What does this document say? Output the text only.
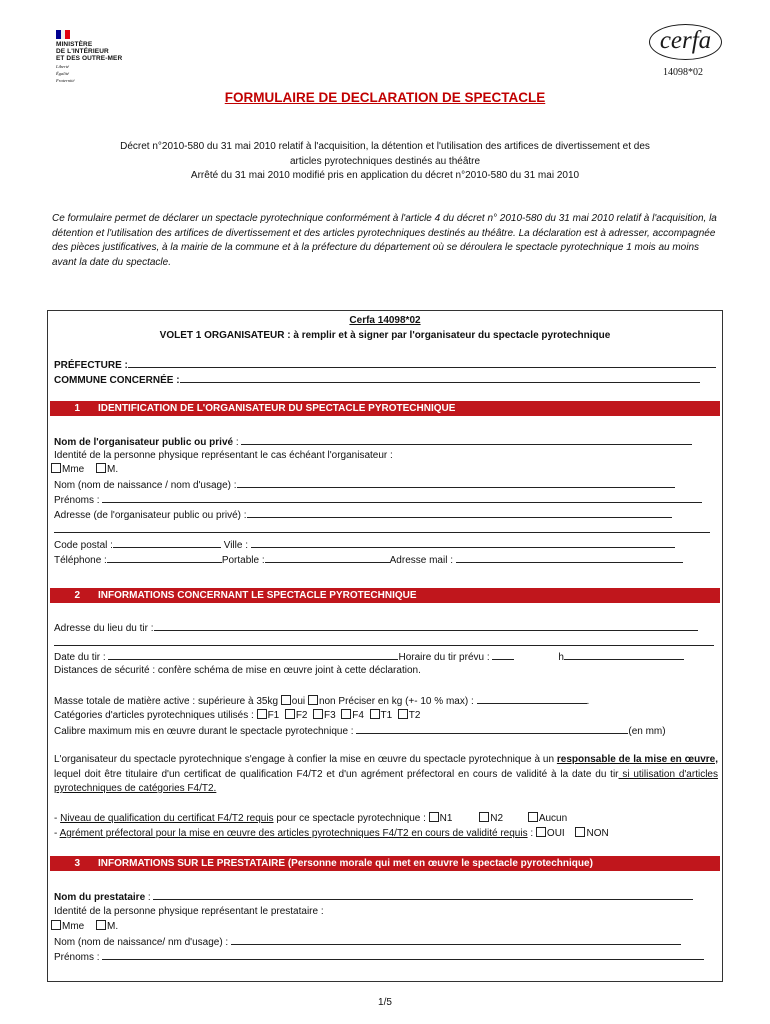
MINISTÈRE
DE L'INTÉRIEUR
ET DES OUTRE-MER
Liberté
Égalité
Fraternité
cerfa
14098*02
FORMULAIRE DE DECLARATION DE SPECTACLE
Décret n°2010-580 du 31 mai 2010 relatif à l'acquisition, la détention et l'utilisation des artifices de divertissement et des
articles pyrotechniques destinés au théâtre
Arrêté du 31 mai 2010 modifié pris en application du décret n°2010-580 du 31 mai 2010
Ce formulaire permet de déclarer un spectacle pyrotechnique conformément à l'article 4 du décret n° 2010-580 du 31 mai 2010 relatif à l'acquisition, la détention et l'utilisation des artifices de divertissement et des articles pyrotechniques destinés au théâtre. La déclaration est à adresser, accompagnée des pièces justificatives, à la mairie de la commune et à la préfecture du département où se déroulera le spectacle pyrotechnique 1 mois au moins avant la date du spectacle.
Cerfa 14098*02
VOLET 1 ORGANISATEUR : à remplir et à signer par l'organisateur du spectacle pyrotechnique
PRÉFECTURE :
COMMUNE CONCERNÉE :
1 IDENTIFICATION DE L'ORGANISATEUR DU SPECTACLE PYROTECHNIQUE
Nom de l'organisateur public ou privé :
Identité de la personne physique représentant le cas échéant l'organisateur :
Mme M.
Nom (nom de naissance / nom d'usage) :
Prénoms :
Adresse (de l'organisateur public ou privé) :
Code postal :	Ville :
Téléphone :	Portable :	Adresse mail :
2 INFORMATIONS CONCERNANT LE SPECTACLE PYROTECHNIQUE
Adresse du lieu du tir :
Date du tir :	Horaire du tir prévu :	h
Distances de sécurité : confère schéma de mise en œuvre joint à cette déclaration.
Masse totale de matière active : supérieure à 35kg oui non Préciser en kg (+- 10 % max) :	.
Catégories d'articles pyrotechniques utilisés : F1 F2 F3 F4 T1 T2
Calibre maximum mis en œuvre durant le spectacle pyrotechnique :	(en mm)
L'organisateur du spectacle pyrotechnique s'engage à confier la mise en œuvre du spectacle pyrotechnique à un responsable de la mise en œuvre, lequel doit être titulaire d'un certificat de qualification F4/T2 et d'un agrément préfectoral en cours de validité à la date du tir si utilisation d'articles pyrotechniques de catégories F4/T2.
- Niveau de qualification du certificat F4/T2 requis pour ce spectacle pyrotechnique : N1	N2	Aucun
- Agrément préfectoral pour la mise en œuvre des articles pyrotechniques F4/T2 en cours de validité requis : OUI NON
3 INFORMATIONS SUR LE PRESTATAIRE (Personne morale qui met en œuvre le spectacle pyrotechnique)
Nom du prestataire :
Identité de la personne physique représentant le prestataire :
Mme M.
Nom (nom de naissance/ nm d'usage) :
Prénoms :
1/5
